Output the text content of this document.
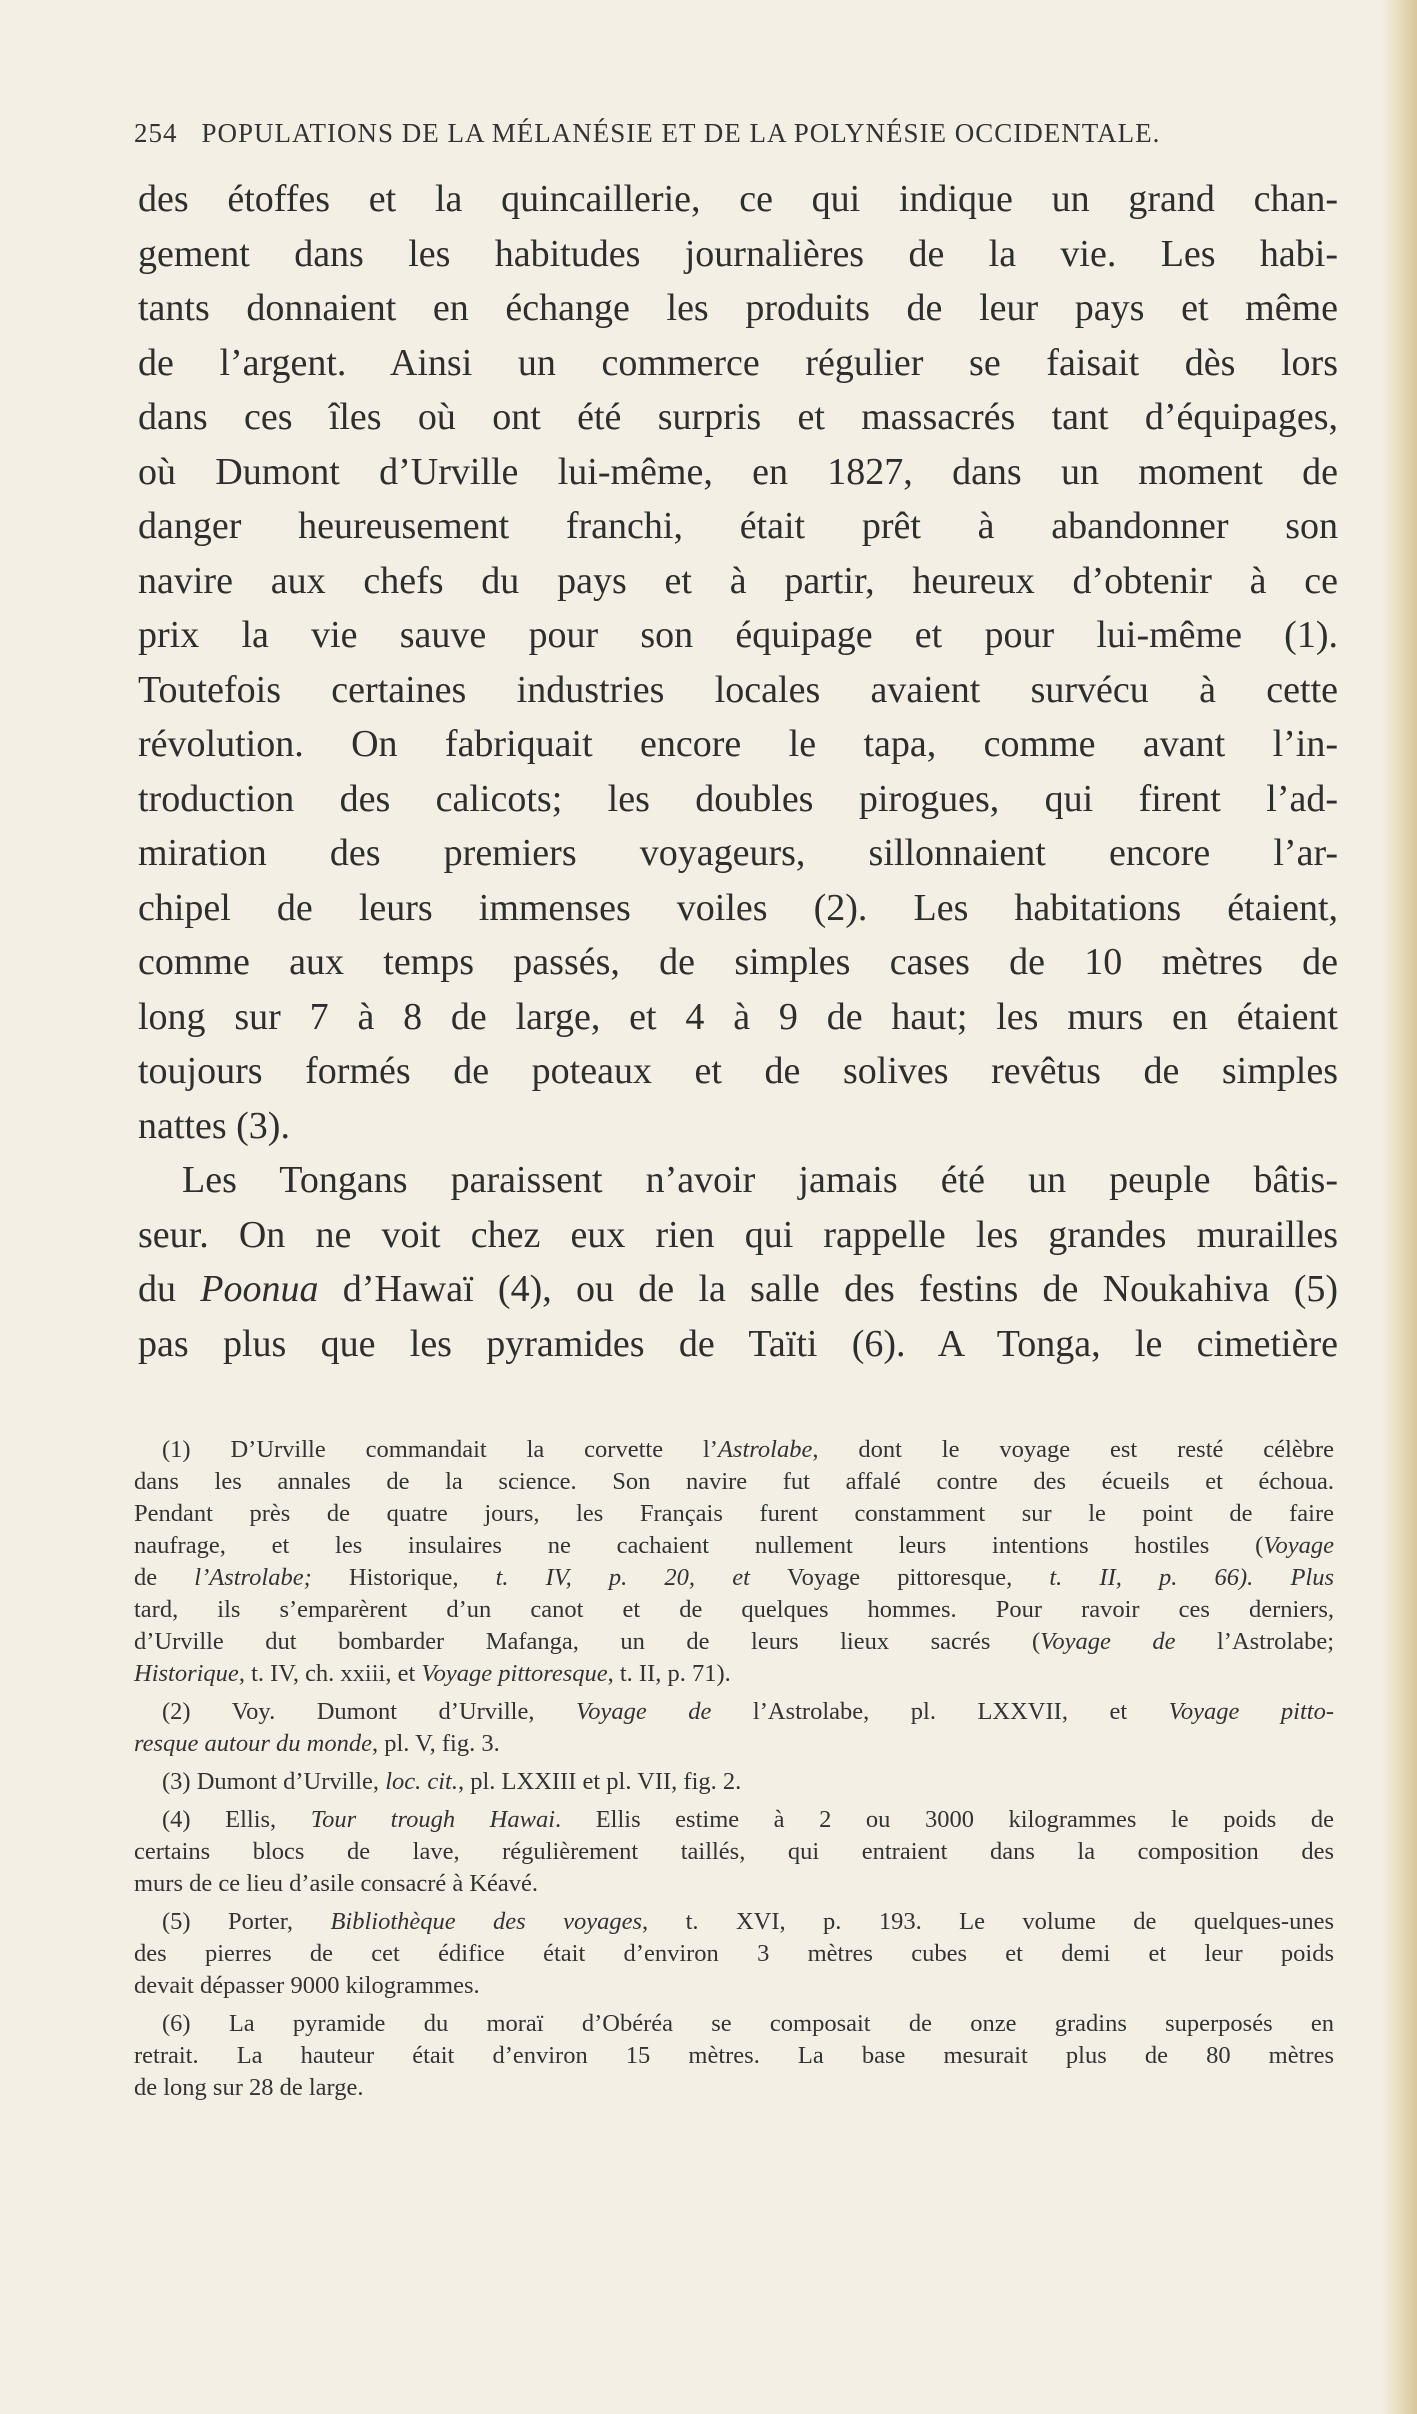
254 POPULATIONS DE LA MÉLANÉSIE ET DE LA POLYNÉSIE OCCIDENTALE.
des étoffes et la quincaillerie, ce qui indique un grand chan-
gement dans les habitudes journalières de la vie. Les habi-
tants donnaient en échange les produits de leur pays et même
de l’argent. Ainsi un commerce régulier se faisait dès lors
dans ces îles où ont été surpris et massacrés tant d’équipages,
où Dumont d’Urville lui-même, en 1827, dans un moment de
danger heureusement franchi, était prêt à abandonner son
navire aux chefs du pays et à partir, heureux d’obtenir à ce
prix la vie sauve pour son équipage et pour lui-même (1).
Toutefois certaines industries locales avaient survécu à cette
révolution. On fabriquait encore le tapa, comme avant l’in-
troduction des calicots; les doubles pirogues, qui firent l’ad-
miration des premiers voyageurs, sillonnaient encore l’ar-
chipel de leurs immenses voiles (2). Les habitations étaient,
comme aux temps passés, de simples cases de 10 mètres de
long sur 7 à 8 de large, et 4 à 9 de haut; les murs en étaient
toujours formés de poteaux et de solives revêtus de simples
nattes (3).
Les Tongans paraissent n’avoir jamais été un peuple bâtis-
seur. On ne voit chez eux rien qui rappelle les grandes murailles
du Poonua d’Hawaï (4), ou de la salle des festins de Noukahiva (5)
pas plus que les pyramides de Taïti (6). A Tonga, le cimetière
(1) D’Urville commandait la corvette l’Astrolabe, dont le voyage est resté célèbre
dans les annales de la science. Son navire fut affalé contre des écueils et échoua.
Pendant près de quatre jours, les Français furent constamment sur le point de faire
naufrage, et les insulaires ne cachaient nullement leurs intentions hostiles (Voyage
de l’Astrolabe; Historique, t. IV, p. 20, et Voyage pittoresque, t. II, p. 66). Plus
tard, ils s’emparèrent d’un canot et de quelques hommes. Pour ravoir ces derniers,
d’Urville dut bombarder Mafanga, un de leurs lieux sacrés (Voyage de l’Astrolabe;
Historique, t. IV, ch. xxiii, et Voyage pittoresque, t. II, p. 71).
(2) Voy. Dumont d’Urville, Voyage de l’Astrolabe, pl. LXXVII, et Voyage pitto-
resque autour du monde, pl. V, fig. 3.
(3) Dumont d’Urville, loc. cit., pl. LXXIII et pl. VII, fig. 2.
(4) Ellis, Tour trough Hawai. Ellis estime à 2 ou 3000 kilogrammes le poids de
certains blocs de lave, régulièrement taillés, qui entraient dans la composition des
murs de ce lieu d’asile consacré à Kéavé.
(5) Porter, Bibliothèque des voyages, t. XVI, p. 193. Le volume de quelques-unes
des pierres de cet édifice était d’environ 3 mètres cubes et demi et leur poids
devait dépasser 9000 kilogrammes.
(6) La pyramide du moraï d’Obéréa se composait de onze gradins superposés en
retrait. La hauteur était d’environ 15 mètres. La base mesurait plus de 80 mètres
de long sur 28 de large.
